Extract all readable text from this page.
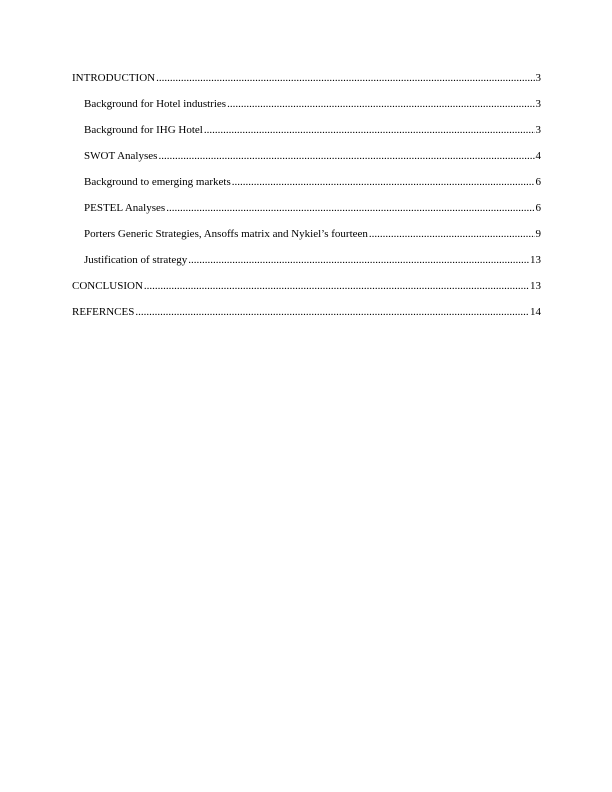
INTRODUCTION .....	3
Background for Hotel industries .....	3
Background for IHG Hotel .....	3
SWOT Analyses .....	4
Background to emerging markets .....	6
PESTEL Analyses .....	6
Porters Generic Strategies, Ansoffs matrix and Nykiel’s fourteen .....	9
Justification of strategy .....	13
CONCLUSION .....	13
REFERNCES .....	14
